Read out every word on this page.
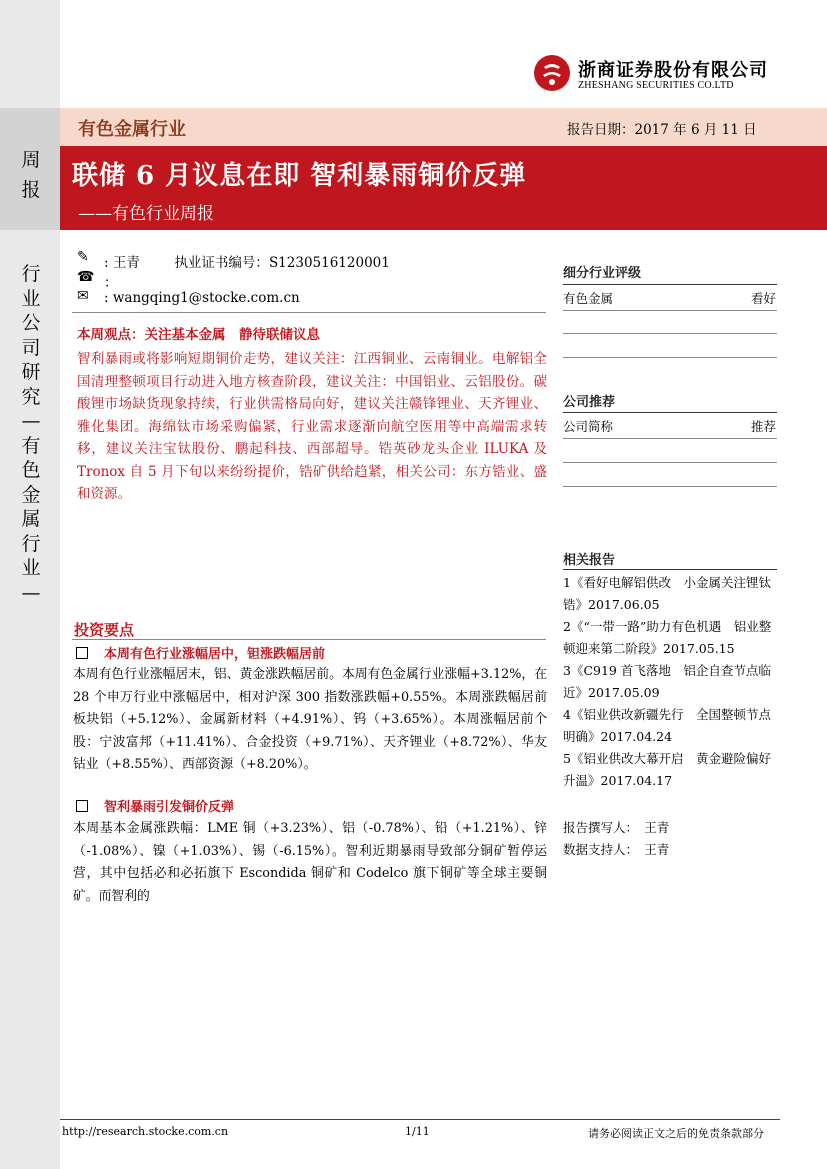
周报
行业公司研究—有色金属行业—
浙商证券股份有限公司
ZHESHANG SECURITIES CO.LTD
有色金属行业	报告日期：2017 年 6 月 11 日
联储 6 月议息在即 智利暴雨铜价反弹
——有色行业周报
✎ : 王青	执业证书编号：S1230516120001
☎ ：
✉ : wangqing1@stocke.com.cn
本周观点：关注基本金属　静待联储议息
智利暴雨或将影响短期铜价走势，建议关注：江西铜业、云南铜业。电解铝全国清理整顿项目行动进入地方核查阶段，建议关注：中国铝业、云铝股份。碳酸锂市场缺货现象持续，行业供需格局向好，建议关注赣锋锂业、天齐锂业、雅化集团。海绵钛市场采购偏紧，行业需求逐渐向航空医用等中高端需求转移，建议关注宝钛股份、鹏起科技、西部超导。锆英砂龙头企业 ILUKA 及 Tronox 自 5 月下旬以来纷纷提价，锆矿供给趋紧，相关公司：东方锆业、盛和资源。
投资要点
本周有色行业涨幅居中，钽涨跌幅居前
本周有色行业涨幅居末，铝、黄金涨跌幅居前。本周有色金属行业涨幅+3.12%，在 28 个申万行业中涨幅居中，相对沪深 300 指数涨跌幅+0.55%。本周涨跌幅居前板块铝（+5.12%）、金属新材料（+4.91%）、钨（+3.65%）。本周涨幅居前个股：宁波富邦（+11.41%）、合金投资（+9.71%）、天齐锂业（+8.72%）、华友钴业（+8.55%）、西部资源（+8.20%）。
智利暴雨引发铜价反弹
本周基本金属涨跌幅：LME 铜（+3.23%）、铝（-0.78%）、铅（+1.21%）、锌（-1.08%）、镍（+1.03%）、锡（-6.15%）。智利近期暴雨导致部分铜矿暂停运营，其中包括必和必拓旗下 Escondida 铜矿和 Codelco 旗下铜矿等全球主要铜矿。而智利的
细分行业评级
有色金属	看好
公司推荐
公司简称	推荐
相关报告
1《看好电解铝供改　小金属关注锂钛锆》2017.06.05
2《“一带一路”助力有色机遇　铝业整顿迎来第二阶段》2017.05.15
3《C919 首飞落地　铝企自查节点临近》2017.05.09
4《铝业供改新疆先行　全国整顿节点明确》2017.04.24
5《铝业供改大幕开启　黄金避险偏好升温》2017.04.17
报告撰写人：　王青
数据支持人：　王青
http://research.stocke.com.cn	1/11	请务必阅读正文之后的免责条款部分
